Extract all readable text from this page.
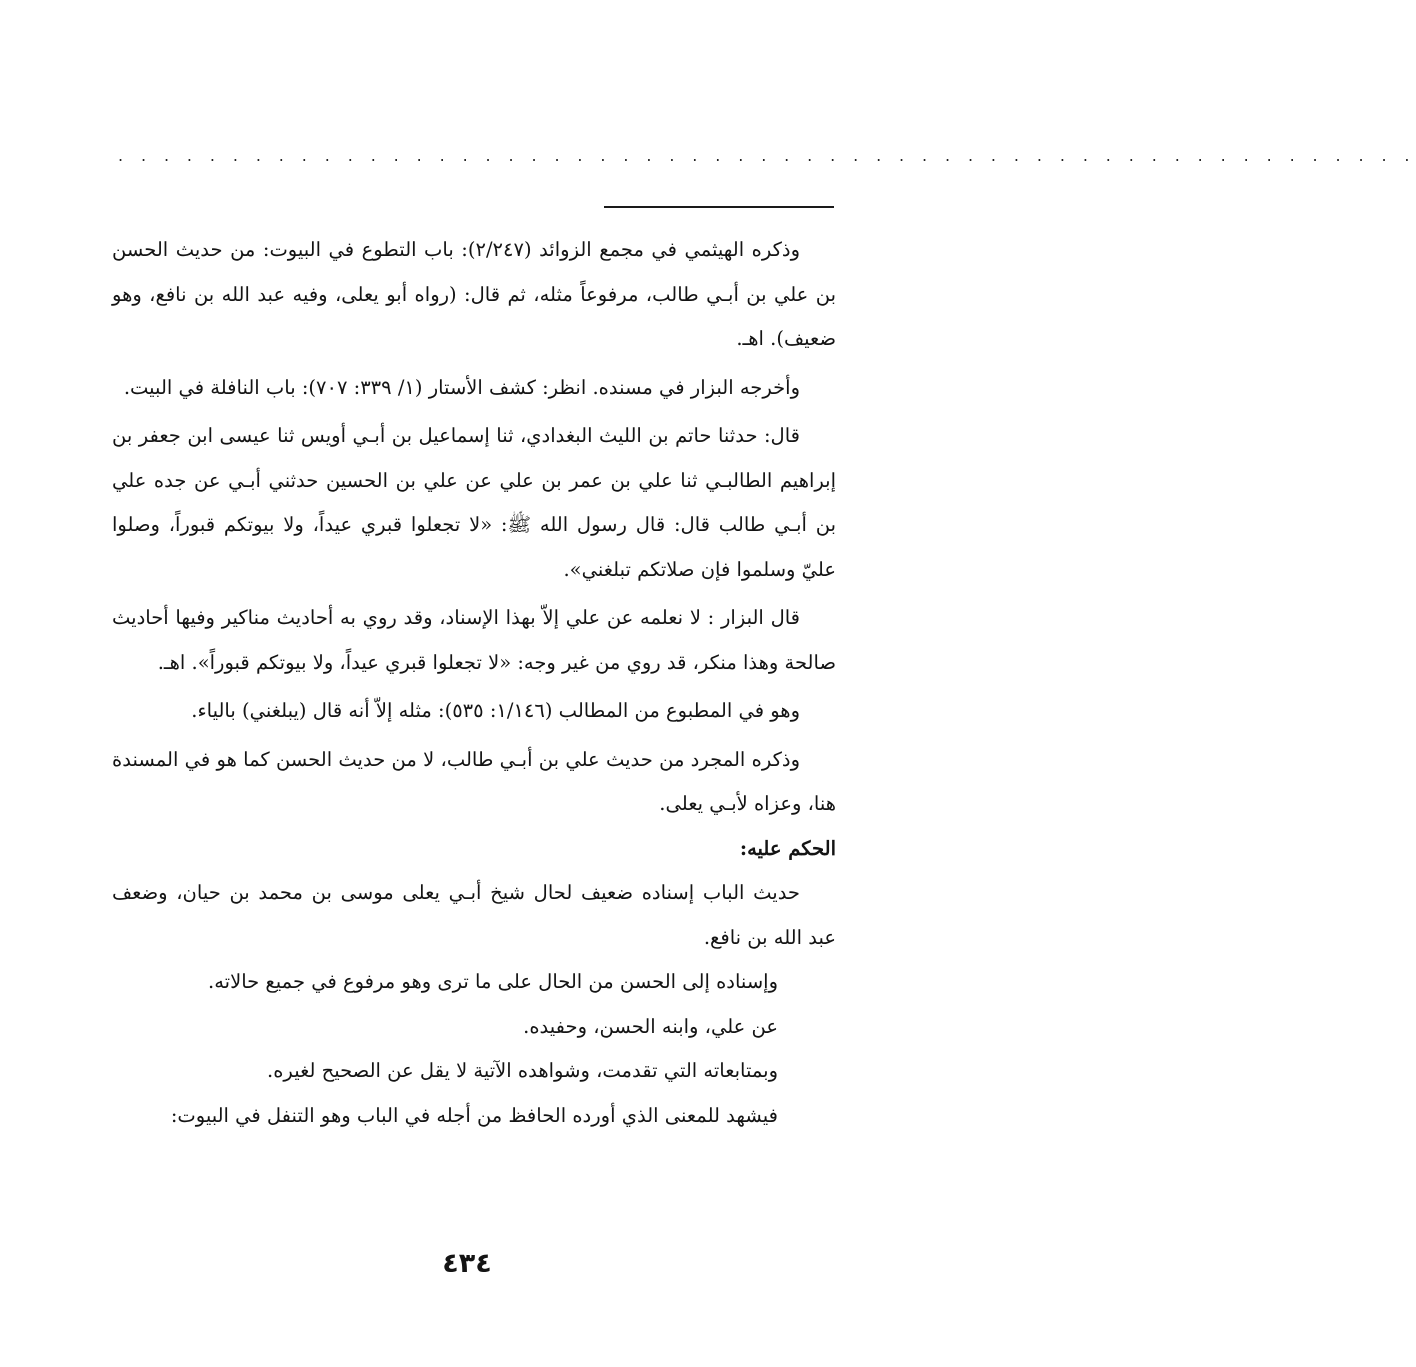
. . . . . . . . . . . . . . . . . . . . . . . . . . . . . . . . . . . . . . . . . . . . . . . . . . . . . . . . .

وذكره الهيثمي في مجمع الزوائد (٢/٢٤٧): باب التطوع في البيوت: من حديث الحسن بن علي بن أبـي طالب، مرفوعاً مثله، ثم قال: (رواه أبو يعلى، وفيه عبد الله بن نافع، وهو ضعيف). اهـ.

وأخرجه البزار في مسنده. انظر: كشف الأستار (١/ ٣٣٩: ٧٠٧): باب النافلة في البيت.

قال: حدثنا حاتم بن الليث البغدادي، ثنا إسماعيل بن أبـي أويس ثنا عيسى ابن جعفر بن إبراهيم الطالبـي ثنا علي بن عمر بن علي عن علي بن الحسين حدثني أبـي عن جده علي بن أبـي طالب قال: قال رسول الله ﷺ: «لا تجعلوا قبري عيداً، ولا بيوتكم قبوراً، وصلوا عليّ وسلموا فإن صلاتكم تبلغني».

قال البزار : لا نعلمه عن علي إلاّ بهذا الإسناد، وقد روي به أحاديث مناكير وفيها أحاديث صالحة وهذا منكر، قد روي من غير وجه: «لا تجعلوا قبري عيداً، ولا بيوتكم قبوراً». اهـ.

وهو في المطبوع من المطالب (١/١٤٦: ٥٣٥): مثله إلاّ أنه قال (يبلغني) بالياء.

وذكره المجرد من حديث علي بن أبـي طالب، لا من حديث الحسن كما هو في المسندة هنا، وعزاه لأبـي يعلى.

الحكم عليه:

حديث الباب إسناده ضعيف لحال شيخ أبـي يعلى موسى بن محمد بن حيان، وضعف عبد الله بن نافع.

وإسناده إلى الحسن من الحال على ما ترى وهو مرفوع في جميع حالاته.

عن علي، وابنه الحسن، وحفيده.

وبمتابعاته التي تقدمت، وشواهده الآتية لا يقل عن الصحيح لغيره.

فيشهد للمعنى الذي أورده الحافظ من أجله في الباب وهو التنفل في البيوت:

٤٣٤
